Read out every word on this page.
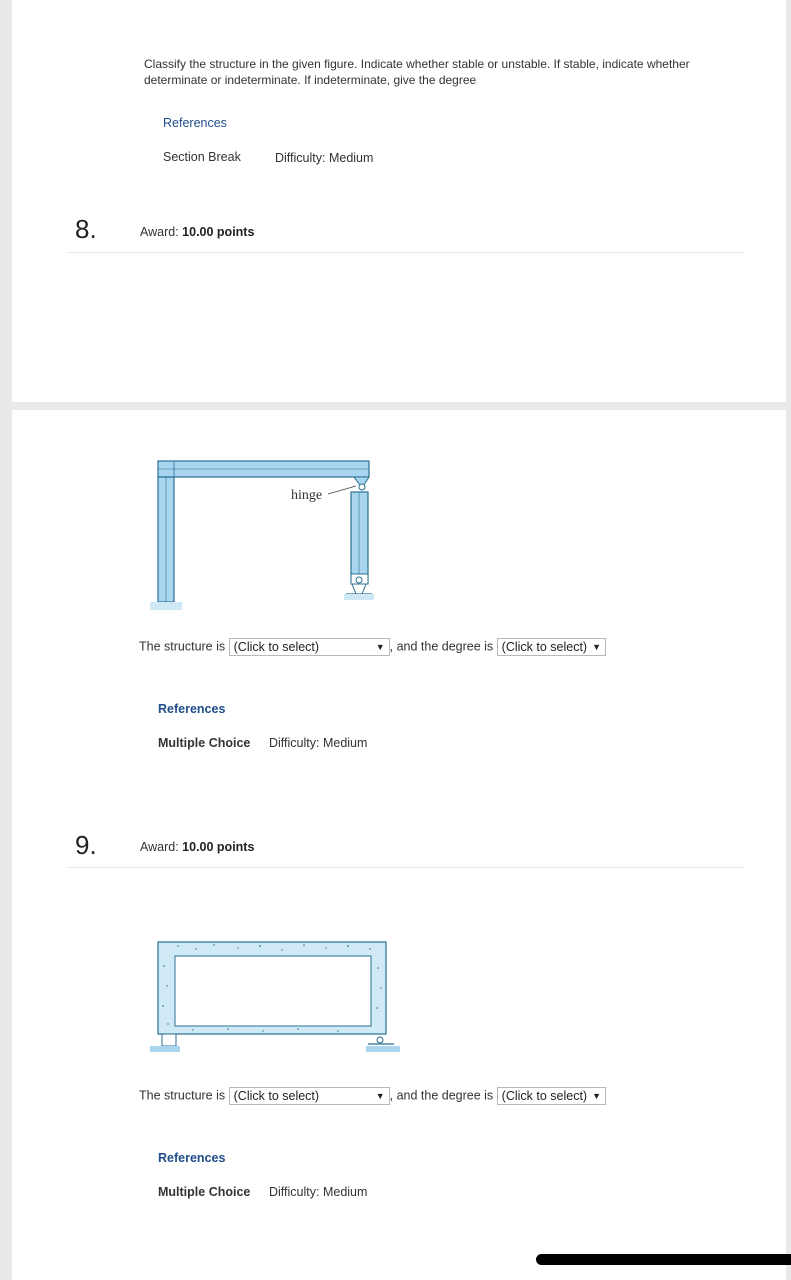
Classify the structure in the given figure. Indicate whether stable or unstable. If stable, indicate whether determinate or indeterminate. If indeterminate, give the degree
References
Section Break	Difficulty: Medium
8.	Award: 10.00 points
hinge
The structure is (Click to select)	▼ , and the degree is (Click to select) ▼
References
Multiple Choice Difficulty: Medium
9.	Award: 10.00 points
The structure is (Click to select)	▼ , and the degree is (Click to select) ▼
References
Multiple Choice Difficulty: Medium
